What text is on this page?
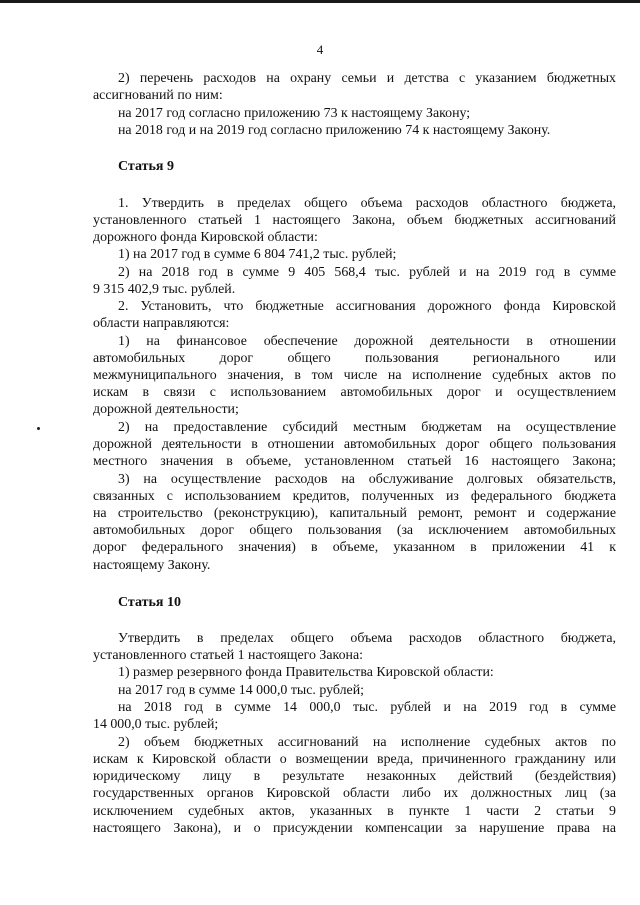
4
2) перечень расходов на охрану семьи и детства с указанием бюджетных
ассигнований по ним:
на 2017 год согласно приложению 73 к настоящему Закону;
на 2018 год и на 2019 год согласно приложению 74 к настоящему Закону.
Статья 9
1. Утвердить в пределах общего объема расходов областного бюджета,
установленного статьей 1 настоящего Закона, объем бюджетных ассигнований
дорожного фонда Кировской области:
1) на 2017 год в сумме 6 804 741,2 тыс. рублей;
2) на 2018 год в сумме 9 405 568,4 тыс. рублей и на 2019 год в сумме
9 315 402,9 тыс. рублей.
2. Установить, что бюджетные ассигнования дорожного фонда Кировской
области направляются:
1) на финансовое обеспечение дорожной деятельности в отношении
автомобильных дорог общего пользования регионального или
межмуниципального значения, в том числе на исполнение судебных актов по
искам в связи с использованием автомобильных дорог и осуществлением
дорожной деятельности;
2) на предоставление субсидий местным бюджетам на осуществление
дорожной деятельности в отношении автомобильных дорог общего пользования
местного значения в объеме, установленном статьей 16 настоящего Закона;
3) на осуществление расходов на обслуживание долговых обязательств,
связанных с использованием кредитов, полученных из федерального бюджета
на строительство (реконструкцию), капитальный ремонт, ремонт и содержание
автомобильных дорог общего пользования (за исключением автомобильных
дорог федерального значения) в объеме, указанном в приложении 41 к
настоящему Закону.
Статья 10
Утвердить в пределах общего объема расходов областного бюджета,
установленного статьей 1 настоящего Закона:
1) размер резервного фонда Правительства Кировской области:
на 2017 год в сумме 14 000,0 тыс. рублей;
на 2018 год в сумме 14 000,0 тыс. рублей и на 2019 год в сумме
14 000,0 тыс. рублей;
2) объем бюджетных ассигнований на исполнение судебных актов по
искам к Кировской области о возмещении вреда, причиненного гражданину или
юридическому лицу в результате незаконных действий (бездействия)
государственных органов Кировской области либо их должностных лиц (за
исключением судебных актов, указанных в пункте 1 части 2 статьи 9
настоящего Закона), и о присуждении компенсации за нарушение права на
